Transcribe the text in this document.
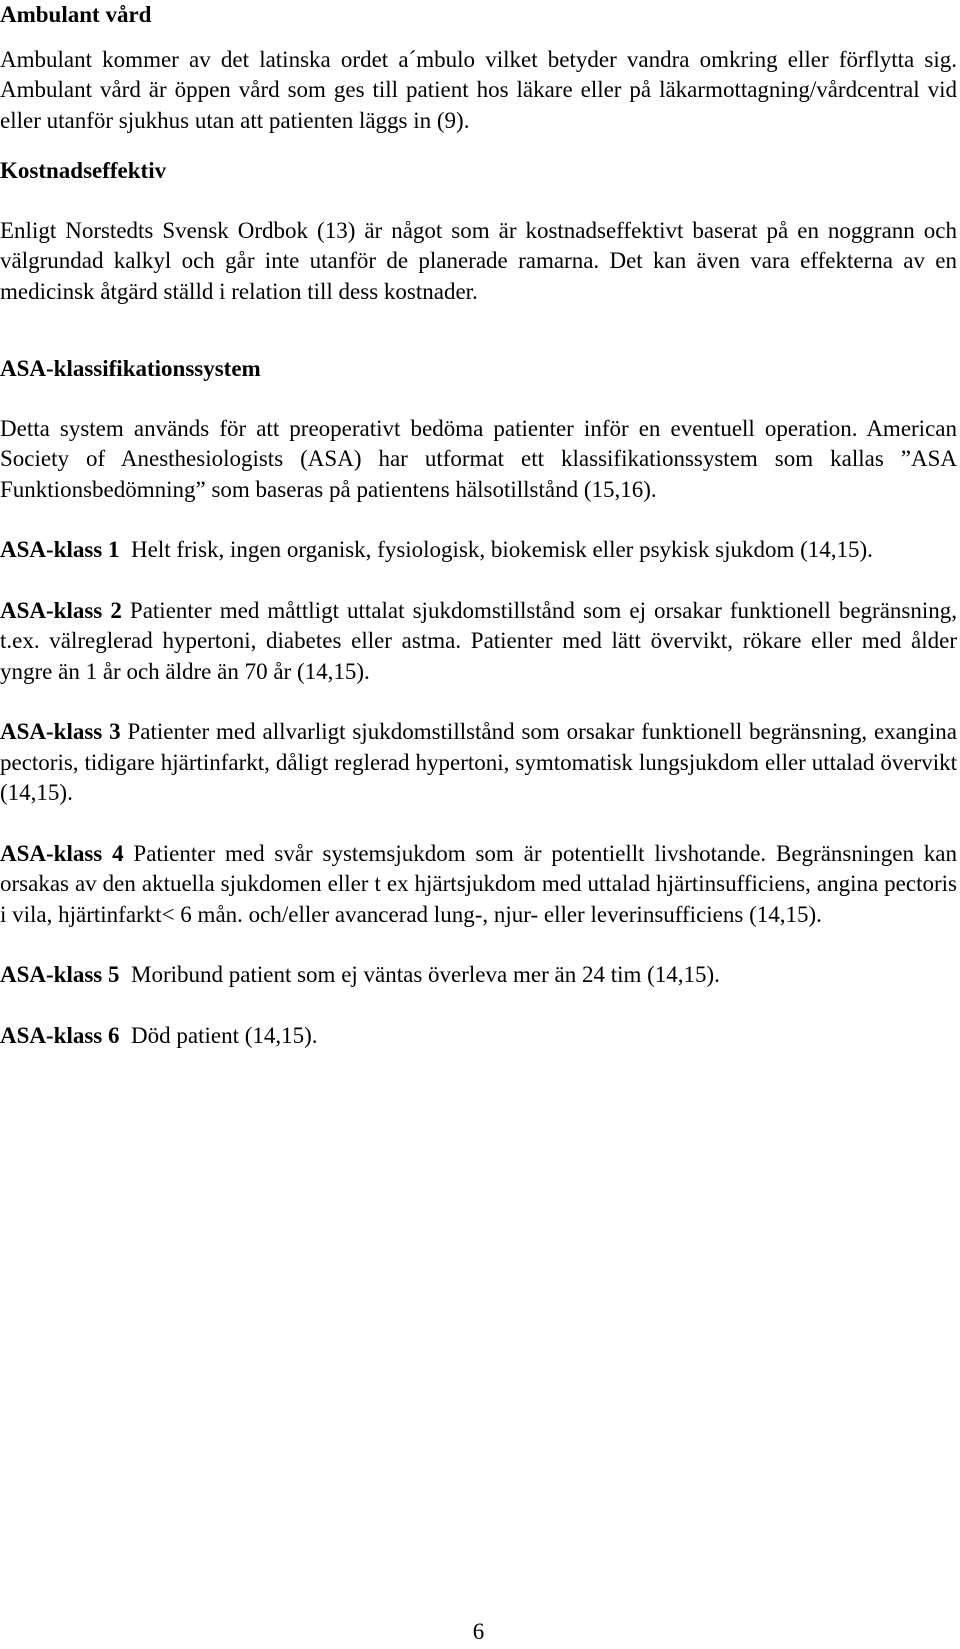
Ambulant vård

Ambulant kommer av det latinska ordet a´mbulo vilket betyder vandra omkring eller förflytta sig. Ambulant vård är öppen vård som ges till patient hos läkare eller på läkarmottagning/vårdcentral vid eller utanför sjukhus utan att patienten läggs in (9).

Kostnadseffektiv

Enligt Norstedts Svensk Ordbok (13) är något som är kostnadseffektivt baserat på en noggrann och välgrundad kalkyl och går inte utanför de planerade ramarna. Det kan även vara effekterna av en medicinsk åtgärd ställd i relation till dess kostnader.

ASA-klassifikationssystem

Detta system används för att preoperativt bedöma patienter inför en eventuell operation. American Society of Anesthesiologists (ASA) har utformat ett klassifikationssystem som kallas ”ASA Funktionsbedömning” som baseras på patientens hälsotillstånd (15,16).

ASA-klass 1 Helt frisk, ingen organisk, fysiologisk, biokemisk eller psykisk sjukdom (14,15).

ASA-klass 2 Patienter med måttligt uttalat sjukdomstillstånd som ej orsakar funktionell begränsning, t.ex. välreglerad hypertoni, diabetes eller astma. Patienter med lätt övervikt, rökare eller med ålder yngre än 1 år och äldre än 70 år (14,15).

ASA-klass 3 Patienter med allvarligt sjukdomstillstånd som orsakar funktionell begränsning, exangina pectoris, tidigare hjärtinfarkt, dåligt reglerad hypertoni, symtomatisk lungsjukdom eller uttalad övervikt (14,15).

ASA-klass 4 Patienter med svår systemsjukdom som är potentiellt livshotande. Begränsningen kan orsakas av den aktuella sjukdomen eller t ex hjärtsjukdom med uttalad hjärtinsufficiens, angina pectoris i vila, hjärtinfarkt< 6 mån. och/eller avancerad lung-, njur- eller leverinsufficiens (14,15).

ASA-klass 5 Moribund patient som ej väntas överleva mer än 24 tim (14,15).

ASA-klass 6 Död patient (14,15).

6
